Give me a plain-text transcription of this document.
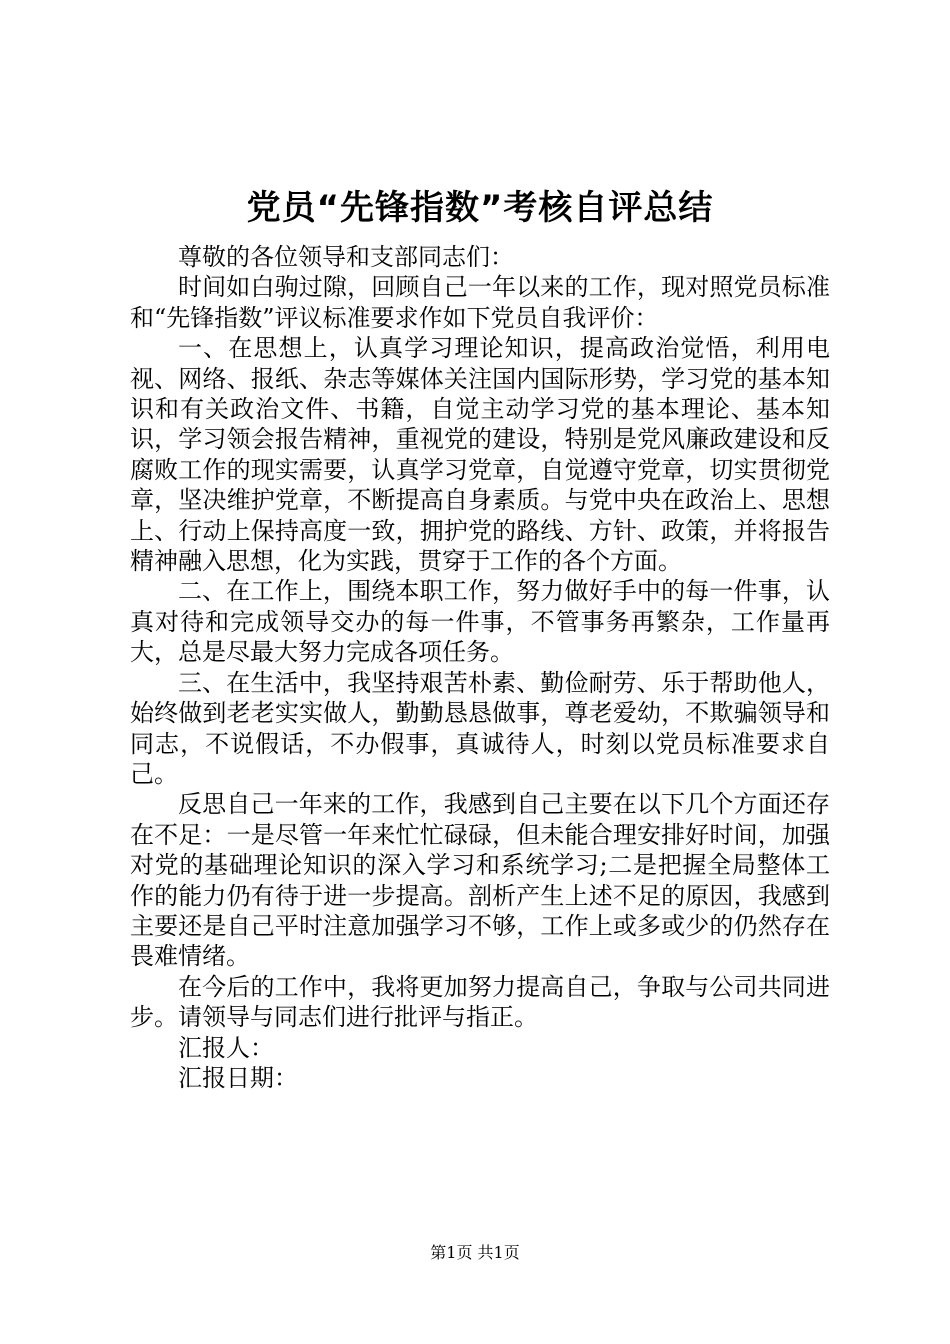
党员“先锋指数”考核自评总结

尊敬的各位领导和支部同志们：

时间如白驹过隙，回顾自己一年以来的工作，现对照党员标准和“先锋指数”评议标准要求作如下党员自我评价：

一、在思想上，认真学习理论知识，提高政治觉悟，利用电视、网络、报纸、杂志等媒体关注国内国际形势，学习党的基本知识和有关政治文件、书籍，自觉主动学习党的基本理论、基本知识，学习领会报告精神，重视党的建设，特别是党风廉政建设和反腐败工作的现实需要，认真学习党章，自觉遵守党章，切实贯彻党章，坚决维护党章，不断提高自身素质。与党中央在政治上、思想上、行动上保持高度一致，拥护党的路线、方针、政策，并将报告精神融入思想，化为实践，贯穿于工作的各个方面。

二、在工作上，围绕本职工作，努力做好手中的每一件事，认真对待和完成领导交办的每一件事，不管事务再繁杂，工作量再大，总是尽最大努力完成各项任务。

三、在生活中，我坚持艰苦朴素、勤俭耐劳、乐于帮助他人，始终做到老老实实做人，勤勤恳恳做事，尊老爱幼，不欺骗领导和同志，不说假话，不办假事，真诚待人，时刻以党员标准要求自己。

反思自己一年来的工作，我感到自己主要在以下几个方面还存在不足：一是尽管一年来忙忙碌碌，但未能合理安排好时间，加强对党的基础理论知识的深入学习和系统学习;二是把握全局整体工作的能力仍有待于进一步提高。剖析产生上述不足的原因，我感到主要还是自己平时注意加强学习不够，工作上或多或少的仍然存在畏难情绪。

在今后的工作中，我将更加努力提高自己，争取与公司共同进步。请领导与同志们进行批评与指正。

汇报人：

汇报日期：

第1页 共1页
